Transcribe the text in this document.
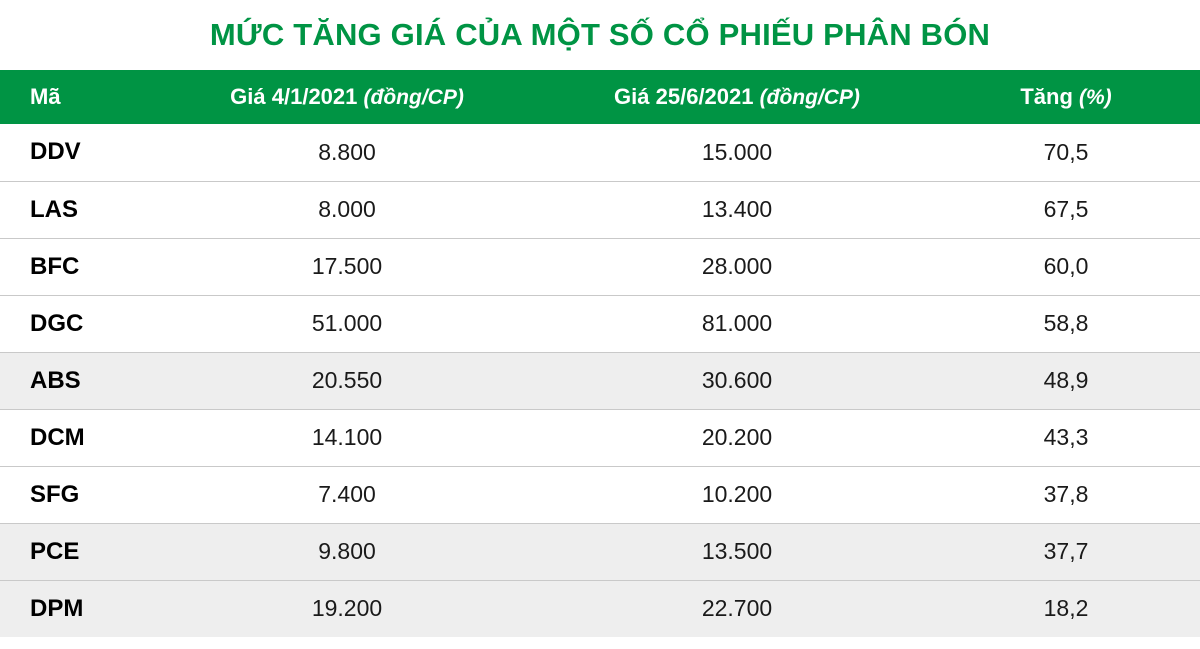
MỨC TĂNG GIÁ CỦA MỘT SỐ CỔ PHIẾU PHÂN BÓN			

Mã	Giá 4/1/2021 (đồng/CP)	Giá 25/6/2021 (đồng/CP)	Tăng (%)
DDV	8.800	15.000	70,5
LAS	8.000	13.400	67,5
BFC	17.500	28.000	60,0
DGC	51.000	81.000	58,8
ABS	20.550	30.600	48,9
DCM	14.100	20.200	43,3
SFG	7.400	10.200	37,8
PCE	9.800	13.500	37,7
DPM	19.200	22.700	18,2
